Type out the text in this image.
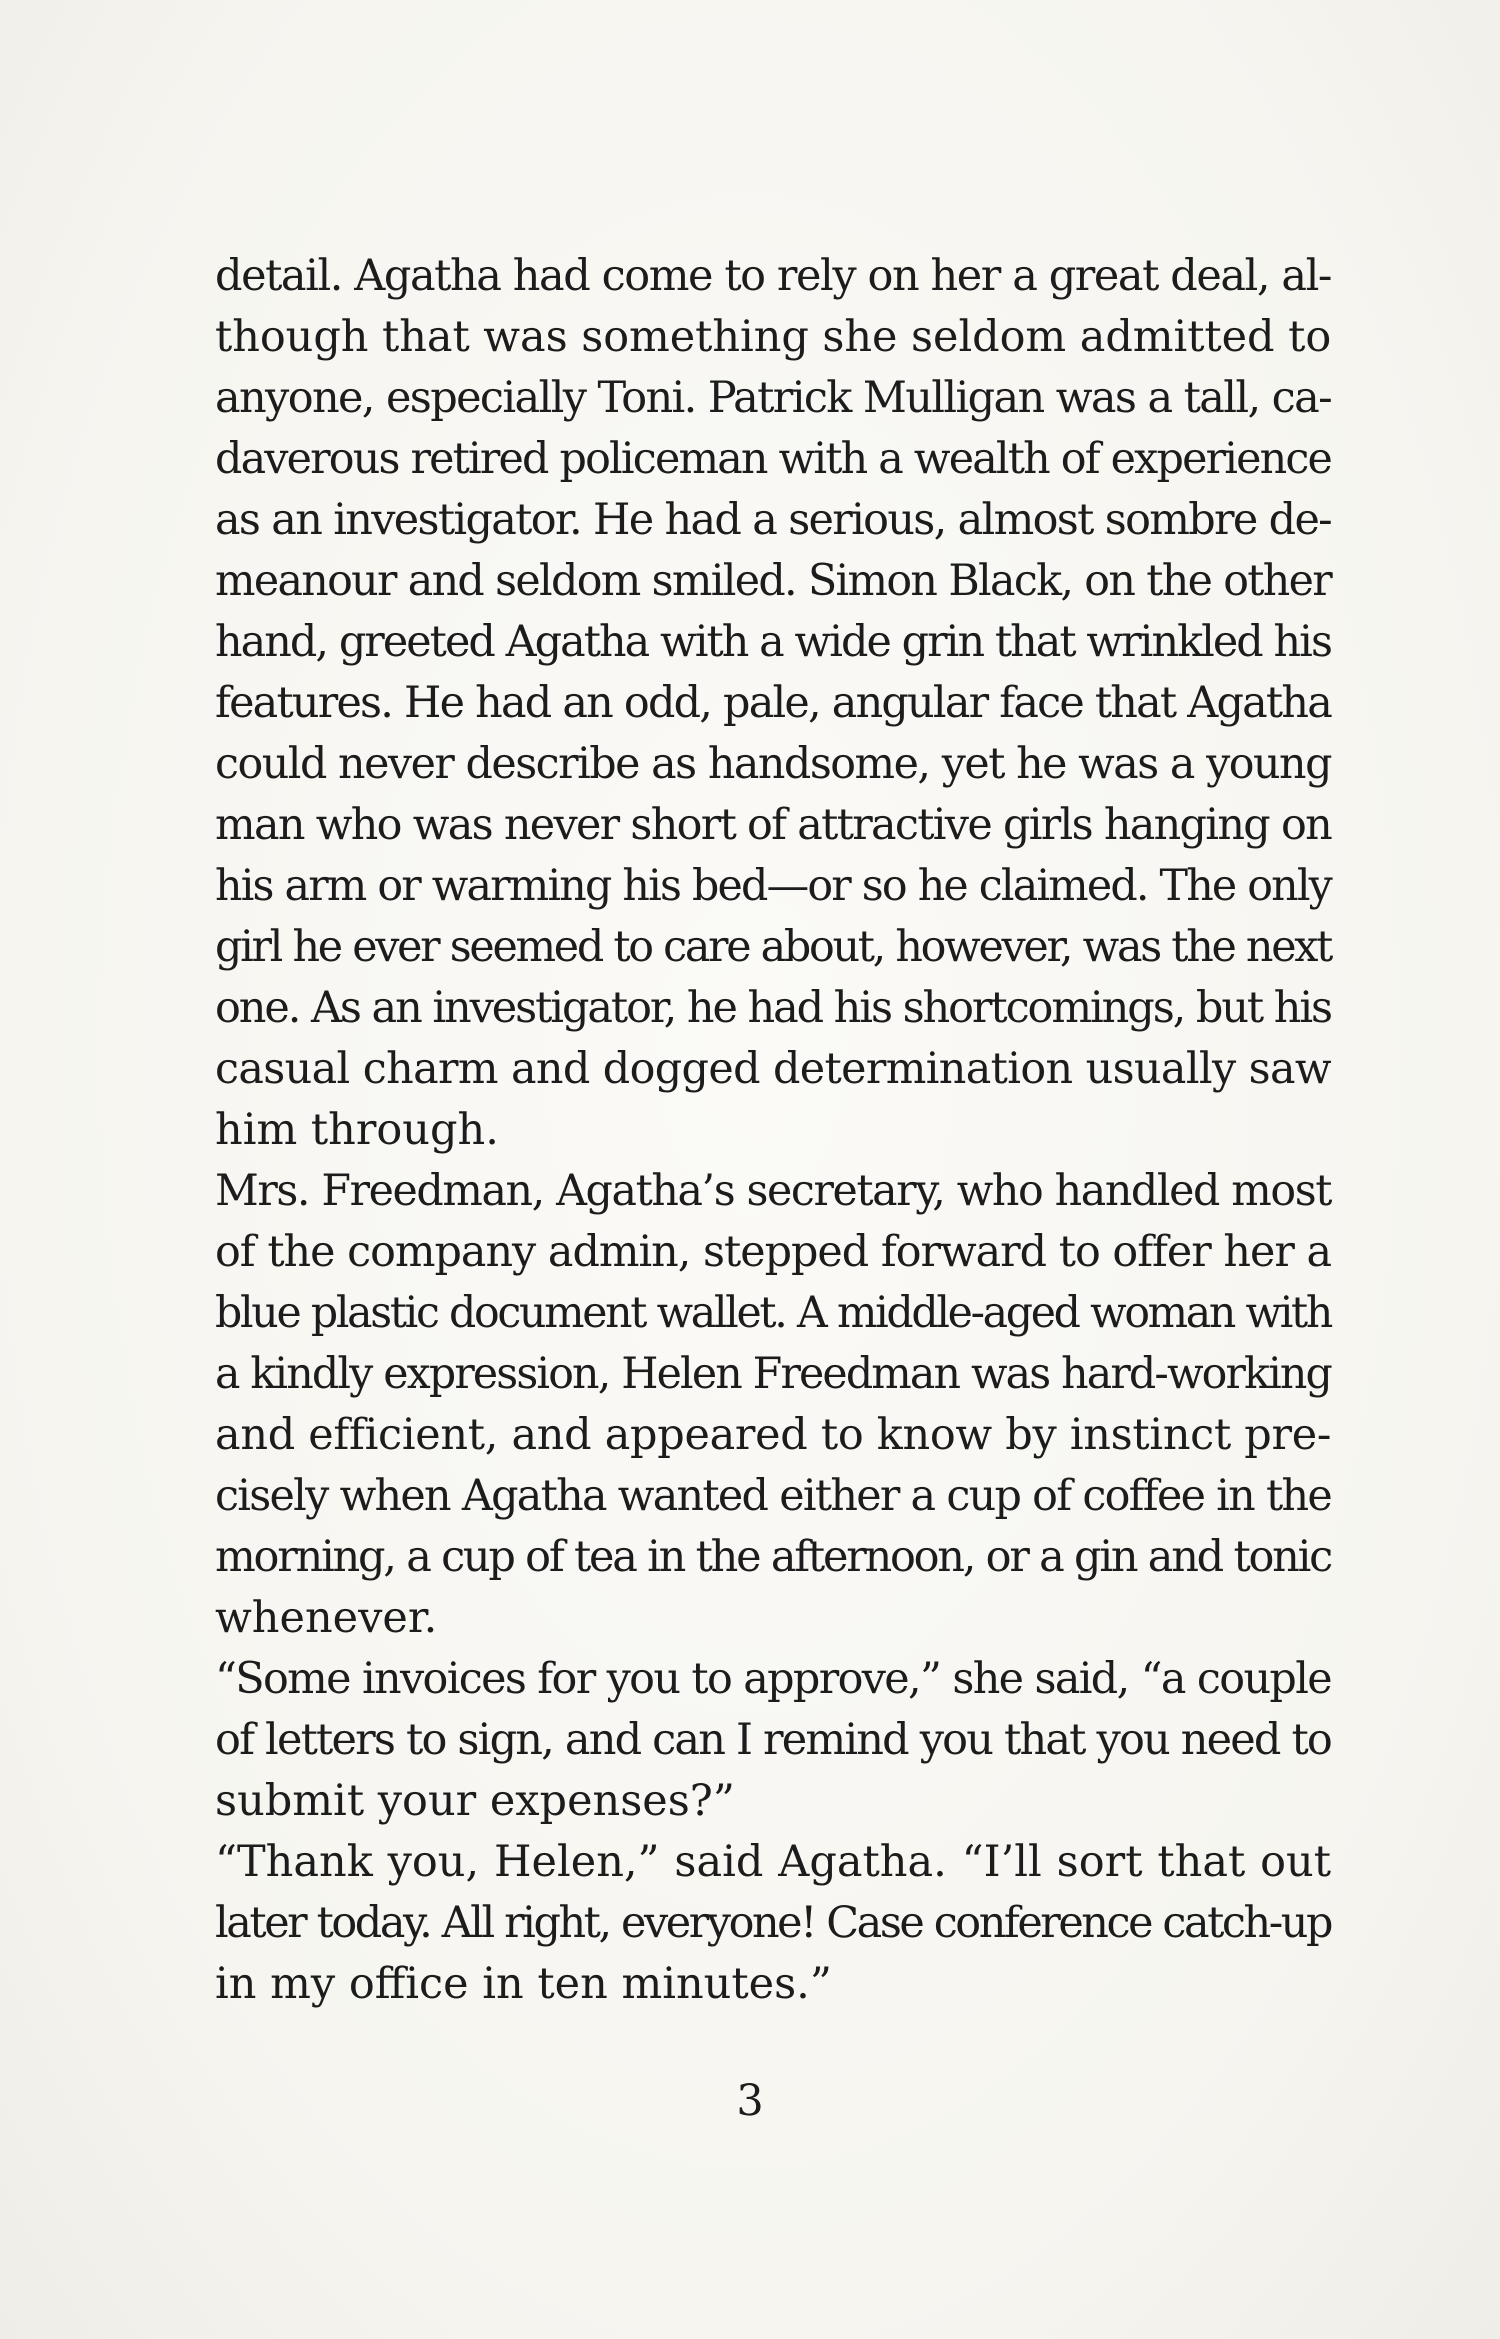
detail. Agatha had come to rely on her a great deal, al-
though that was something she seldom admitted to
anyone, especially Toni. Patrick Mulligan was a tall, ca-
daverous retired policeman with a wealth of experience
as an investigator. He had a serious, almost sombre de-
meanour and seldom smiled. Simon Black, on the other
hand, greeted Agatha with a wide grin that wrinkled his
features. He had an odd, pale, angular face that Agatha
could never describe as handsome, yet he was a young
man who was never short of attractive girls hanging on
his arm or warming his bed—or so he claimed. The only
girl he ever seemed to care about, however, was the next
one. As an investigator, he had his shortcomings, but his
casual charm and dogged determination usually saw
him through.

Mrs. Freedman, Agatha’s secretary, who handled most
of the company admin, stepped forward to offer her a
blue plastic document wallet. A middle-aged woman with
a kindly expression, Helen Freedman was hard-working
and efficient, and appeared to know by instinct pre-
cisely when Agatha wanted either a cup of coffee in the
morning, a cup of tea in the afternoon, or a gin and tonic
whenever.

“Some invoices for you to approve,” she said, “a couple
of letters to sign, and can I remind you that you need to
submit your expenses?”

“Thank you, Helen,” said Agatha. “I’ll sort that out
later today. All right, everyone! Case conference catch-up
in my office in ten minutes.”

3
